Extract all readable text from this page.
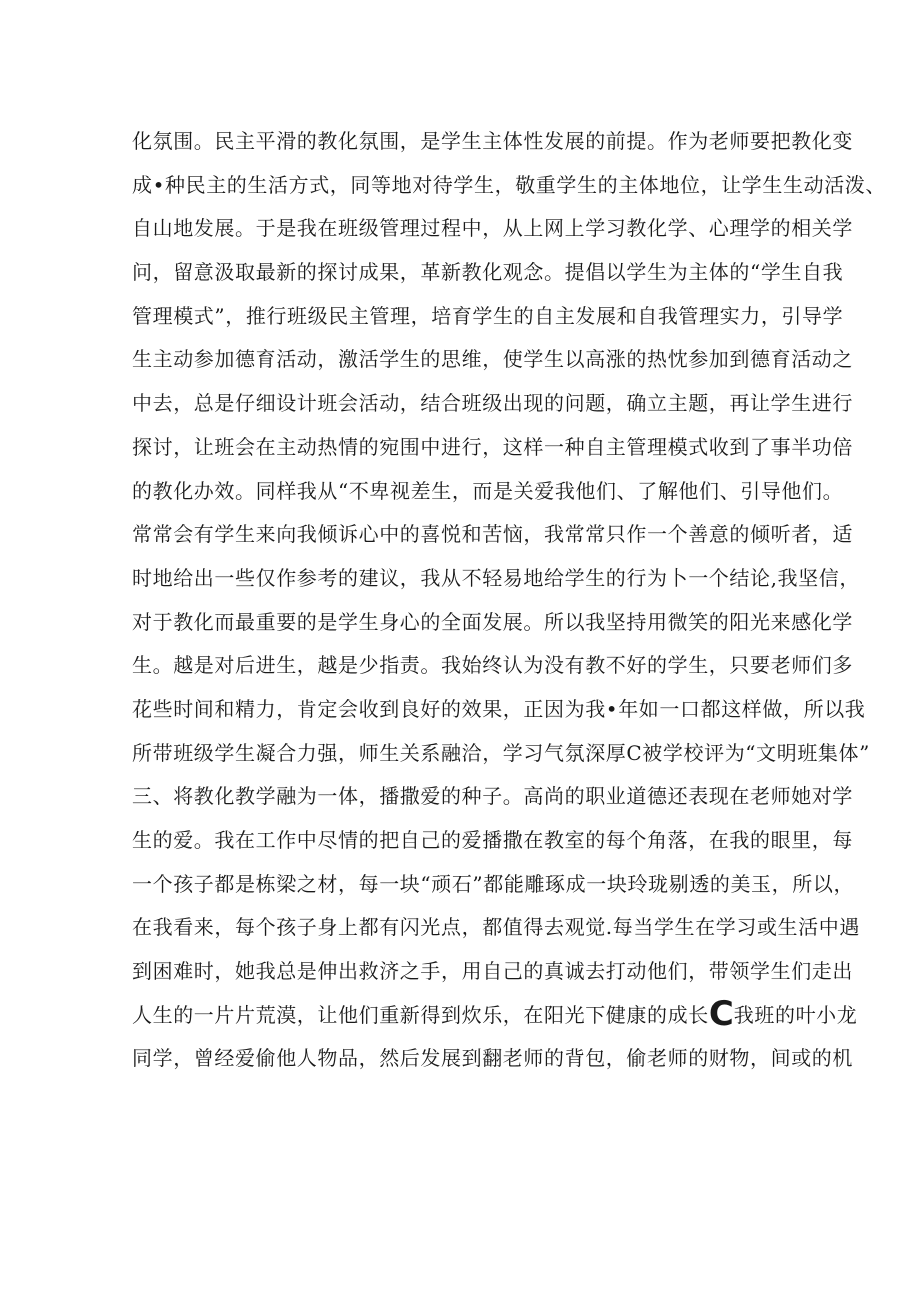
化氛围。民主平滑的教化氛围，是学生主体性发展的前提。作为老师要把教化变
成•种民主的生活方式，同等地对待学生，敬重学生的主体地位，让学生生动活泼、
自山地发展。于是我在班级管理过程中，从上网上学习教化学、心理学的相关学
问，留意汲取最新的探讨成果，革新教化观念。提倡以学生为主体的“学生自我
管理模式”，推行班级民主管理，培育学生的自主发展和自我管理实力，引导学
生主动参加德育活动，激活学生的思维，使学生以高涨的热忱参加到德育活动之
中去，总是仔细设计班会活动，结合班级出现的问题，确立主题，再让学生进行
探讨，让班会在主动热情的宛围中进行，这样一种自主管理模式收到了事半功倍
的教化办效。同样我从“不卑视差生，而是关爱我他们、了解他们、引导他们。
常常会有学生来向我倾诉心中的喜悦和苦恼，我常常只作一个善意的倾听者，适
时地给出一些仅作参考的建议，我从不轻易地给学生的行为卜一个结论,我坚信，
对于教化而最重要的是学生身心的全面发展。所以我坚持用微笑的阳光来感化学
生。越是对后进生，越是少指责。我始终认为没有教不好的学生，只要老师们多
花些时间和精力，肯定会收到良好的效果，正因为我•年如一口都这样做，所以我
所带班级学生凝合力强，师生关系融洽，学习气氛深厚C被学校评为“文明班集体”
三、将教化教学融为一体，播撒爱的种子。高尚的职业道德还表现在老师她对学
生的爱。我在工作中尽情的把自己的爱播撒在教室的每个角落，在我的眼里，每
一个孩子都是栋梁之材，每一块“顽石”都能雕琢成一块玲珑剔透的美玉，所以，
在我看来，每个孩子身上都有闪光点，都值得去观觉.每当学生在学习或生活中遇
到困难时，她我总是伸出救济之手，用自己的真诚去打动他们，带领学生们走出
人生的一片片荒漠，让他们重新得到炊乐，在阳光下健康的成长C我班的叶小龙
同学，曾经爱偷他人物品，然后发展到翻老师的背包，偷老师的财物，间或的机
